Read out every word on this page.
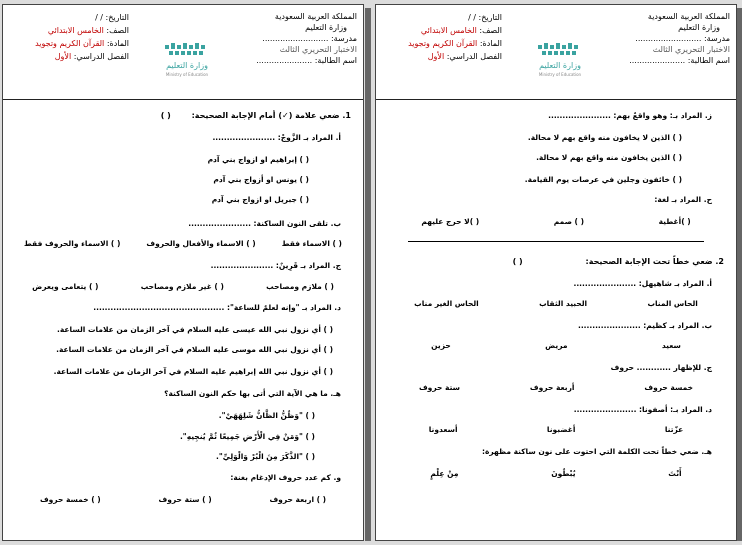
المملكة العربية السعودية
وزارة التعليم
مدرسة: ..........................
الاختبار التحريري الثالث
اسم الطالبة: ......................
وزارة التعليم
Ministry of Education
التاريخ: / /
الصف: الخامس الابتدائي
المادة: القرآن الكريم وتجويد
الفصل الدراسي: الأول
1. ضعي علامة (✓) أمام الإجابة الصحيحة: ( )
أ. المراد بـ الزَّوجْ: ......................
( ) إبراهيم او ازواج بني آدم
( ) يونس او أزواج بني آدم
( ) جبريل او ازواج بني آدم
ب. تلقى النون الساكنة: ......................
( ) الاسماء فقط
( ) الاسماء والأفعال والحروف
( ) الاسماء والحروف فقط
ج. المراد بـ قَرِينٌ: ......................
( ) ملازم ومصاحب
( ) غير ملازم ومصاحب
( ) يتعامى ويعرض
د. المراد بـ "وإنه لعلمٌ للساعة": ..............................................
( ) أي نزول نبي الله عيسى عليه السلام في آخر الزمان من علامات الساعة.
( ) أي نزول نبي الله موسى عليه السلام في آخر الزمان من علامات الساعة.
( ) أي نزول نبي الله إبراهيم عليه السلام في آخر الزمان من علامات الساعة.
هـ. ما هي الآية التي أتى بها حكم النون الساكنة؟
( ) "وَظُنُّ الظَّانُّ شَلِهَهَيْ".
( ) "وَمَنْ فِي الْأَرْضِ جَمِيعًا ثُمَّ يُنجِيهِ".
( ) "الذَّكَرَ مِنَ الْبُرْ وَالْوَلِيِّ".
و. كم عدد حروف الإدغام بغنة:
( ) اربعة حروف
( ) ستة حروف
( ) خمسة حروف
المملكة العربية السعودية
وزارة التعليم
مدرسة: ..........................
الاختبار التحريري الثالث
اسم الطالبة: ......................
وزارة التعليم
Ministry of Education
التاريخ: / /
الصف: الخامس الابتدائي
المادة: القرآن الكريم وتجويد
الفصل الدراسي: الأول
ز. المراد بـ: وهو واقعٌ بهم: ......................
( ) الذين لا يخافون منه واقع بهم لا محالة.
( ) الذين يخافون منه واقع بهم لا محالة.
( ) خائفون وجلين في عرصات يوم القيامة.
ح. المراد بـ لغة:
( )أغطية
( ) صمم
( )لا حرج عليهم
2. ضعي خطاً تحت الإجابة الصحيحة: ( )
أ. المراد بـ شاهيهل: ......................
الحاس المناب
الحبيد الثقاب
الحاس الغير مناب
ب. المراد بـ كظيم: ......................
سعيد
مريض
حزين
ج. للإظهار ............ حروف
خمسة حروف
أربعة حروف
ستة حروف
د. المراد بـ: أصفونا: ......................
عزّتنا
أغضبونا
أسعدونا
هـ. ضعي خطاً تحت الكلمة التي احتوت على نون ساكنة مظهرة:
أَنْتَ
يُبْطُونَ
مِنْ عِلْمٍ
